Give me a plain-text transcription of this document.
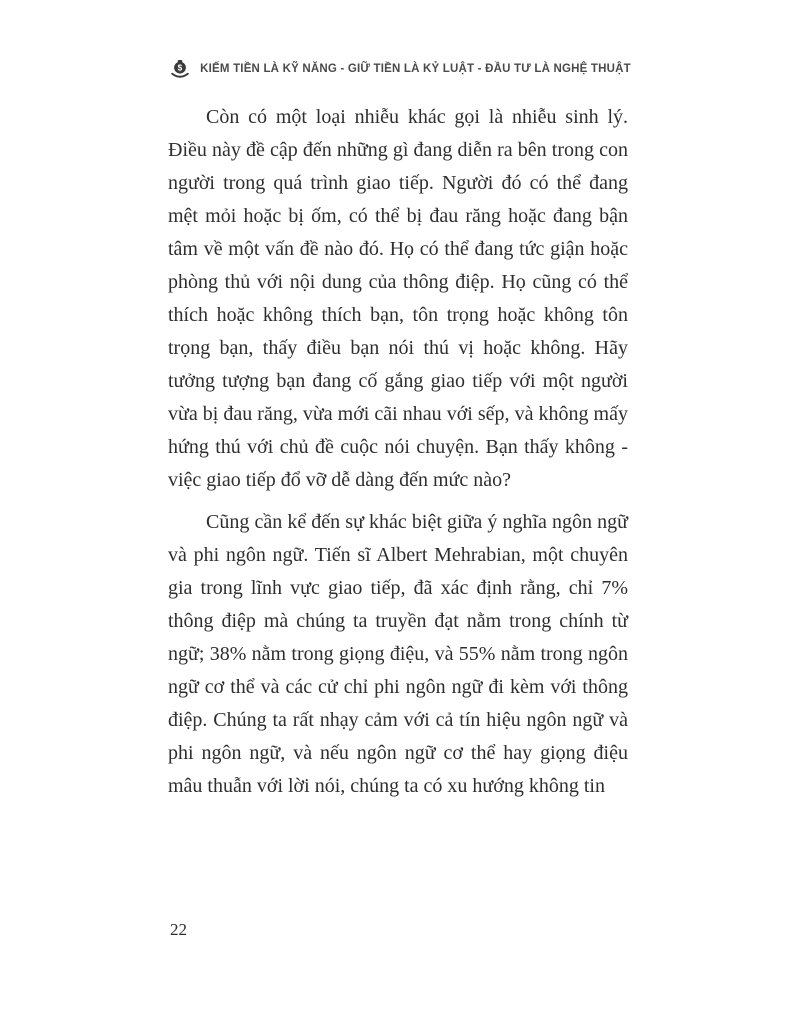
$ KIẾM TIỀN LÀ KỸ NĂNG - GIỮ TIỀN LÀ KỶ LUẬT - ĐẦU TƯ LÀ NGHỆ THUẬT

Còn có một loại nhiễu khác gọi là nhiễu sinh lý. Điều này đề cập đến những gì đang diễn ra bên trong con người trong quá trình giao tiếp. Người đó có thể đang mệt mỏi hoặc bị ốm, có thể bị đau răng hoặc đang bận tâm về một vấn đề nào đó. Họ có thể đang tức giận hoặc phòng thủ với nội dung của thông điệp. Họ cũng có thể thích hoặc không thích bạn, tôn trọng hoặc không tôn trọng bạn, thấy điều bạn nói thú vị hoặc không. Hãy tưởng tượng bạn đang cố gắng giao tiếp với một người vừa bị đau răng, vừa mới cãi nhau với sếp, và không mấy hứng thú với chủ đề cuộc nói chuyện. Bạn thấy không - việc giao tiếp đổ vỡ dễ dàng đến mức nào?

Cũng cần kể đến sự khác biệt giữa ý nghĩa ngôn ngữ và phi ngôn ngữ. Tiến sĩ Albert Mehrabian, một chuyên gia trong lĩnh vực giao tiếp, đã xác định rằng, chỉ 7% thông điệp mà chúng ta truyền đạt nằm trong chính từ ngữ; 38% nằm trong giọng điệu, và 55% nằm trong ngôn ngữ cơ thể và các cử chỉ phi ngôn ngữ đi kèm với thông điệp. Chúng ta rất nhạy cảm với cả tín hiệu ngôn ngữ và phi ngôn ngữ, và nếu ngôn ngữ cơ thể hay giọng điệu mâu thuẫn với lời nói, chúng ta có xu hướng không tin

22
